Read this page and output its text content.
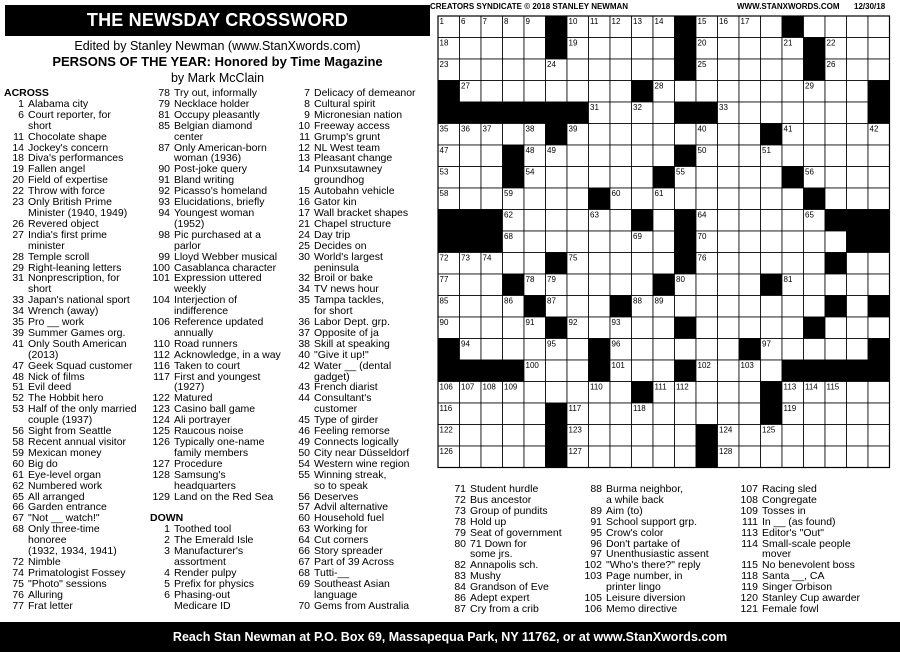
THE NEWSDAY CROSSWORD
Edited by Stanley Newman (www.StanXwords.com)
PERSONS OF THE YEAR: Honored by Time Magazine
by Mark McClain
CREATORS SYNDICATE © 2018 STANLEY NEWMAN	WWW.STANXWORDS.COM 12/30/18
1 6 7 8 9	10 11 12 13 14	15 16 17
18	19	20	21	22
23	24	25	26
27	28	29
31	32	33
35 36 37	38	39	40	41	42
47	48 49	50	51
53	54	55	56
58	59	60	61
62	63	64	65
68	69	70
72 73 74	75	76
77	78 79	80	81
85	86	87	88 89
90	91	92	93
94	95	96	97
100	101	102	103
106 107 108 109	110	111 112	113 114 115
116	117	118	119
122	123	124	125
126	127	128
ACROSS
1 Alabama city
6 Court reporter, for
short
11 Chocolate shape
14 Jockey's concern
18 Diva's performances
19 Fallen angel
20 Field of expertise
22 Throw with force
23 Only British Prime
Minister (1940, 1949)
26 Revered object
27 India's first prime
minister
28 Temple scroll
29 Right-leaning letters
31 Nonprescription, for
short
33 Japan's national sport
34 Wrench (away)
35 Pro __ work
39 Summer Games org.
41 Only South American
(2013)
47 Geek Squad customer
48 Nick of films
51 Evil deed
52 The Hobbit hero
53 Half of the only married
couple (1937)
56 Sight from Seattle
58 Recent annual visitor
59 Mexican money
60 Big do
61 Eye-level organ
62 Numbered work
65 All arranged
66 Garden entrance
67 "Not __ watch!"
68 Only three-time
honoree
(1932, 1934, 1941)
72 Nimble
74 Primatologist Fossey
75 "Photo" sessions
76 Alluring
77 Frat letter
78 Try out, informally
79 Necklace holder
81 Occupy pleasantly
85 Belgian diamond
center
87 Only American-born
woman (1936)
90 Post-joke query
91 Bland writing
92 Picasso's homeland
93 Elucidations, briefly
94 Youngest woman
(1952)
98 Pic purchased at a
parlor
99 Lloyd Webber musical
100 Casablanca character
101 Expression uttered
weekly
104 Interjection of
indifference
106 Reference updated
annually
110 Road runners
112 Acknowledge, in a way
116 Taken to court
117 First and youngest
(1927)
122 Matured
123 Casino ball game
124 Ali portrayer
125 Raucous noise
126 Typically one-name
family members
127 Procedure
128 Samsung's
headquarters
129 Land on the Red Sea
DOWN
1 Toothed tool
2 The Emerald Isle
3 Manufacturer's
assortment
4 Render pulpy
5 Prefix for physics
6 Phasing-out
Medicare ID
7 Delicacy of demeanor
8 Cultural spirit
9 Micronesian nation
10 Freeway access
11 Grump's grunt
12 NL West team
13 Pleasant change
14 Punxsutawney
groundhog
15 Autobahn vehicle
16 Gator kin
17 Wall bracket shapes
21 Chapel structure
24 Day trip
25 Decides on
30 World's largest
peninsula
32 Broil or bake
34 TV news hour
35 Tampa tackles,
for short
36 Labor Dept. grp.
37 Opposite of ja
38 Skill at speaking
40 "Give it up!"
42 Water __ (dental
gadget)
43 French diarist
44 Consultant's
customer
45 Type of girder
46 Feeling remorse
49 Connects logically
50 City near Düsseldorf
54 Western wine region
55 Winning streak,
so to speak
56 Deserves
57 Advil alternative
60 Household fuel
63 Working for
64 Cut corners
66 Story spreader
67 Part of 39 Across
68 Tutti-__
69 Southeast Asian
language
70 Gems from Australia
71 Student hurdle
72 Bus ancestor
73 Group of pundits
78 Hold up
79 Seat of government
80 71 Down for
some jrs.
82 Annapolis sch.
83 Mushy
84 Grandson of Eve
86 Adept expert
87 Cry from a crib
88 Burma neighbor,
a while back
89 Aim (to)
91 School support grp.
95 Crow's color
96 Don't partake of
97 Unenthusiastic assent
102 "Who's there?" reply
103 Page number, in
printer lingo
105 Leisure diversion
106 Memo directive
107 Racing sled
108 Congregate
109 Tosses in
111 In __ (as found)
113 Editor's "Out"
114 Small-scale people
mover
115 No benevolent boss
118 Santa __, CA
119 Singer Orbison
120 Stanley Cup awarder
121 Female fowl
Reach Stan Newman at P.O. Box 69, Massapequa Park, NY 11762, or at www.StanXwords.com
